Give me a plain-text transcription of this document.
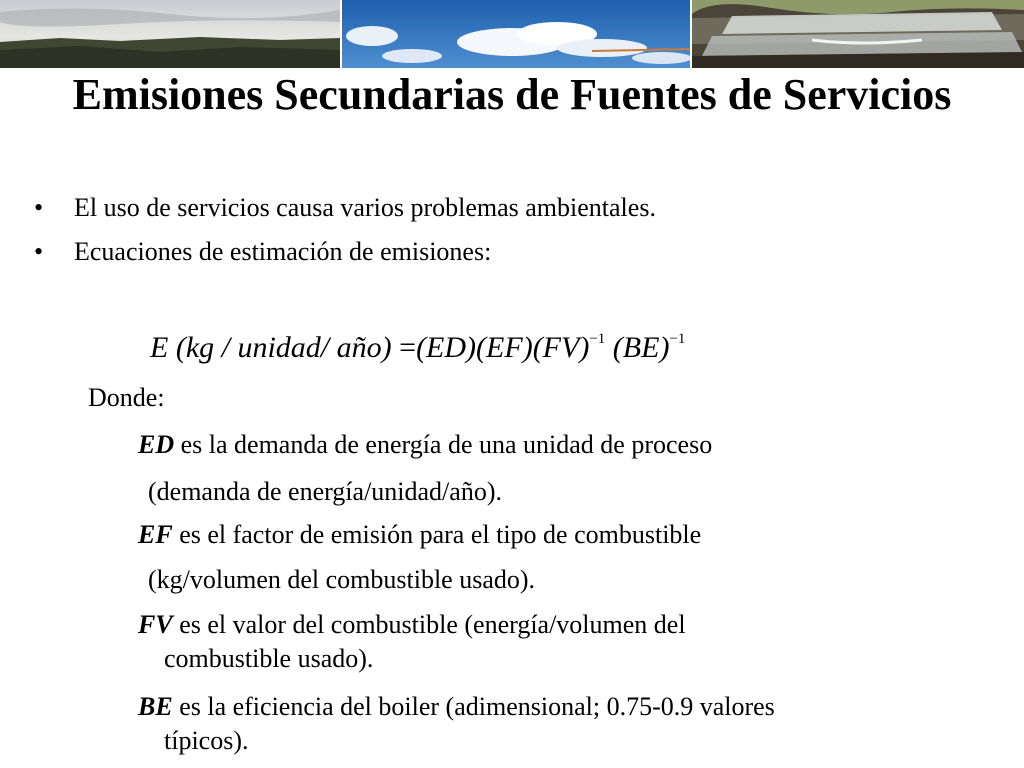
Emisiones Secundarias de Fuentes de Servicios
• El uso de servicios causa varios problemas ambientales.
• Ecuaciones de estimación de emisiones:
E (kg / unidad/ año) =(ED)(EF)(FV)$^{-1}$ (BE)$^{-1}$
Donde:
ED es la demanda de energía de una unidad de proceso
(demanda de energía/unidad/año).
EF es el factor de emisión para el tipo de combustible
(kg/volumen del combustible usado).
FV es el valor del combustible (energía/volumen del
combustible usado).
BE es la eficiencia del boiler (adimensional; 0.75-0.9 valores
típicos).
